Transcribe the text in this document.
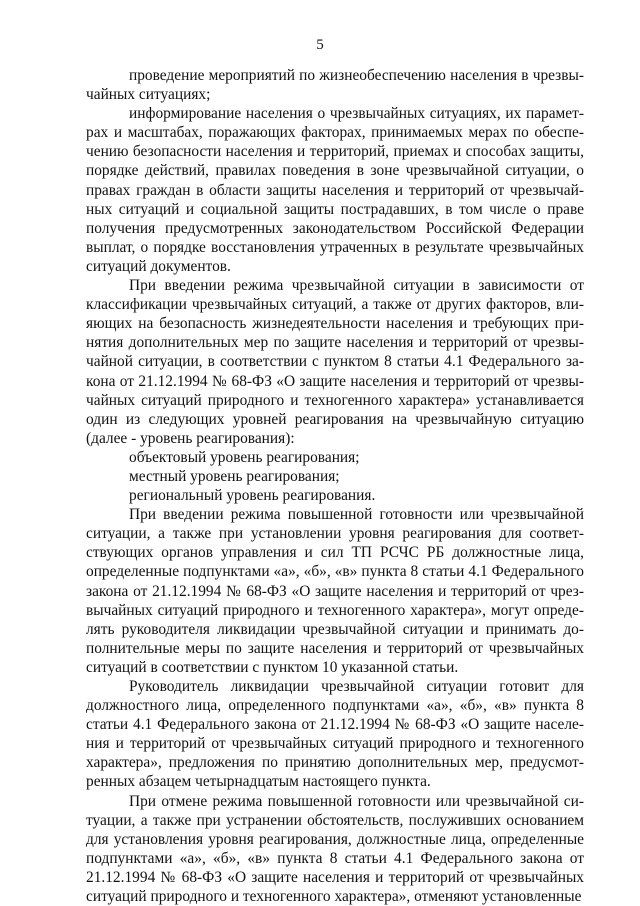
5

проведение мероприятий по жизнеобеспечению населения в чрезвычайных ситуациях;

информирование населения о чрезвычайных ситуациях, их параметрах и масштабах, поражающих факторах, принимаемых мерах по обеспечению безопасности населения и территорий, приемах и способах защиты, порядке действий, правилах поведения в зоне чрезвычайной ситуации, о правах граждан в области защиты населения и территорий от чрезвычайных ситуаций и социальной защиты пострадавших, в том числе о праве получения предусмотренных законодательством Российской Федерации выплат, о порядке восстановления утраченных в результате чрезвычайных ситуаций документов.

При введении режима чрезвычайной ситуации в зависимости от классификации чрезвычайных ситуаций, а также от других факторов, влияющих на безопасность жизнедеятельности населения и требующих принятия дополнительных мер по защите населения и территорий от чрезвычайной ситуации, в соответствии с пунктом 8 статьи 4.1 Федерального закона от 21.12.1994 № 68-ФЗ «О защите населения и территорий от чрезвычайных ситуаций природного и техногенного характера» устанавливается один из следующих уровней реагирования на чрезвычайную ситуацию (далее - уровень реагирования):

объектовый уровень реагирования;

местный уровень реагирования;

региональный уровень реагирования.

При введении режима повышенной готовности или чрезвычайной ситуации, а также при установлении уровня реагирования для соответствующих органов управления и сил ТП РСЧС РБ должностные лица, определенные подпунктами «а», «б», «в» пункта 8 статьи 4.1 Федерального закона от 21.12.1994 № 68-ФЗ «О защите населения и территорий от чрезвычайных ситуаций природного и техногенного характера», могут определять руководителя ликвидации чрезвычайной ситуации и принимать дополнительные меры по защите населения и территорий от чрезвычайных ситуаций в соответствии с пунктом 10 указанной статьи.

Руководитель ликвидации чрезвычайной ситуации готовит для должностного лица, определенного подпунктами «а», «б», «в» пункта 8 статьи 4.1 Федерального закона от 21.12.1994 № 68-ФЗ «О защите населения и территорий от чрезвычайных ситуаций природного и техногенного характера», предложения по принятию дополнительных мер, предусмотренных абзацем четырнадцатым настоящего пункта.

При отмене режима повышенной готовности или чрезвычайной ситуации, а также при устранении обстоятельств, послуживших основанием для установления уровня реагирования, должностные лица, определенные подпунктами «а», «б», «в» пункта 8 статьи 4.1 Федерального закона от 21.12.1994 № 68-ФЗ «О защите населения и территорий от чрезвычайных ситуаций природного и техногенного характера», отменяют установленные
